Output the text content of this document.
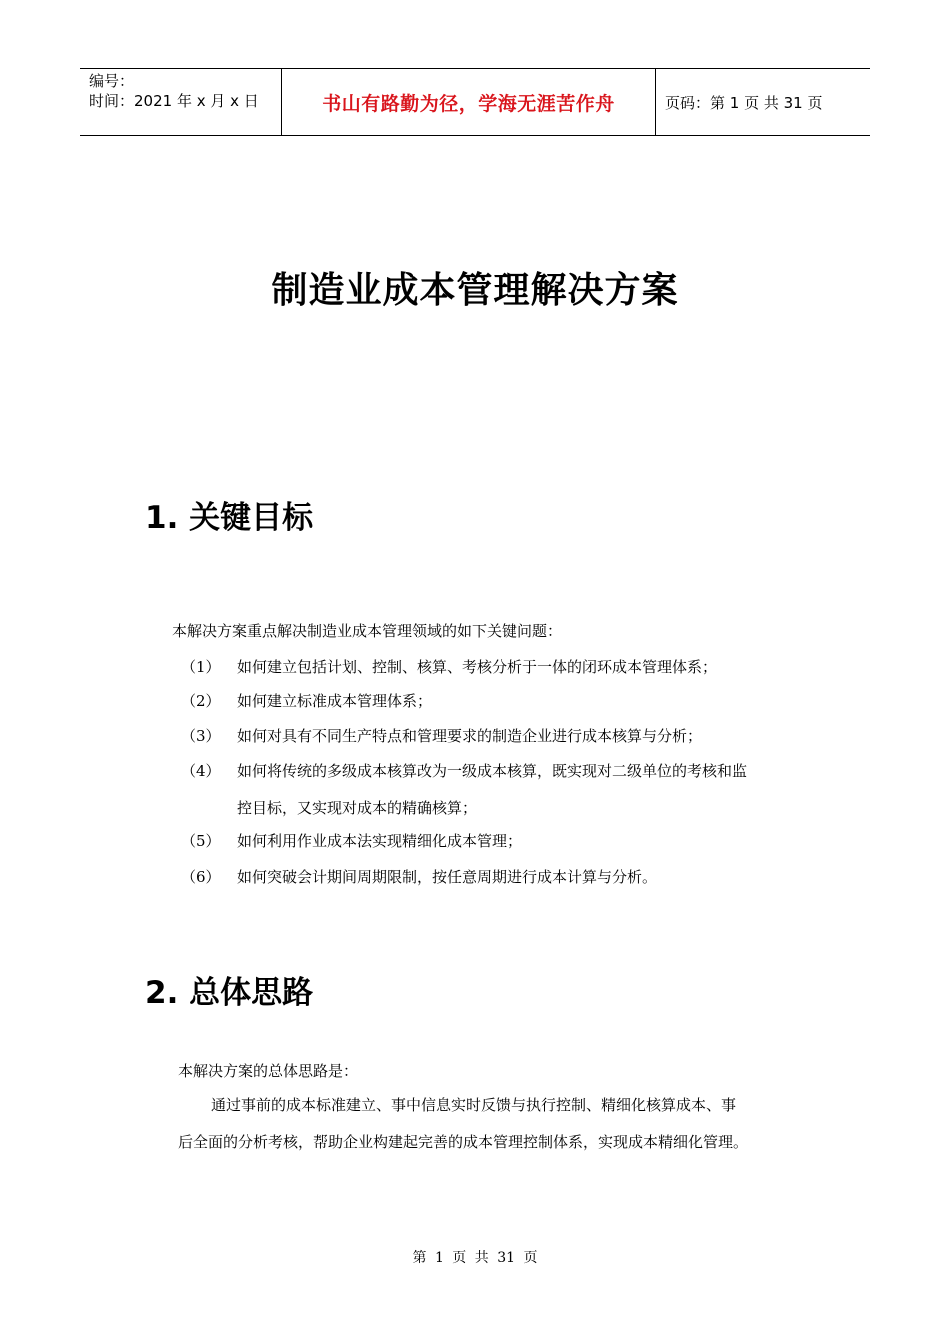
编号：
时间：2021 年 x 月 x 日	书山有路勤为径，学海无涯苦作舟	页码：第 1 页 共 31 页
制造业成本管理解决方案
1. 关键目标
本解决方案重点解决制造业成本管理领域的如下关键问题：
（1） 如何建立包括计划、控制、核算、考核分析于一体的闭环成本管理体系；
（2） 如何建立标准成本管理体系；
（3） 如何对具有不同生产特点和管理要求的制造企业进行成本核算与分析；
（4） 如何将传统的多级成本核算改为一级成本核算，既实现对二级单位的考核和监
控目标，又实现对成本的精确核算；
（5） 如何利用作业成本法实现精细化成本管理；
（6） 如何突破会计期间周期限制，按任意周期进行成本计算与分析。
2. 总体思路
本解决方案的总体思路是：
通过事前的成本标准建立、事中信息实时反馈与执行控制、精细化核算成本、事
后全面的分析考核，帮助企业构建起完善的成本管理控制体系，实现成本精细化管理。
第 1 页 共 31 页
